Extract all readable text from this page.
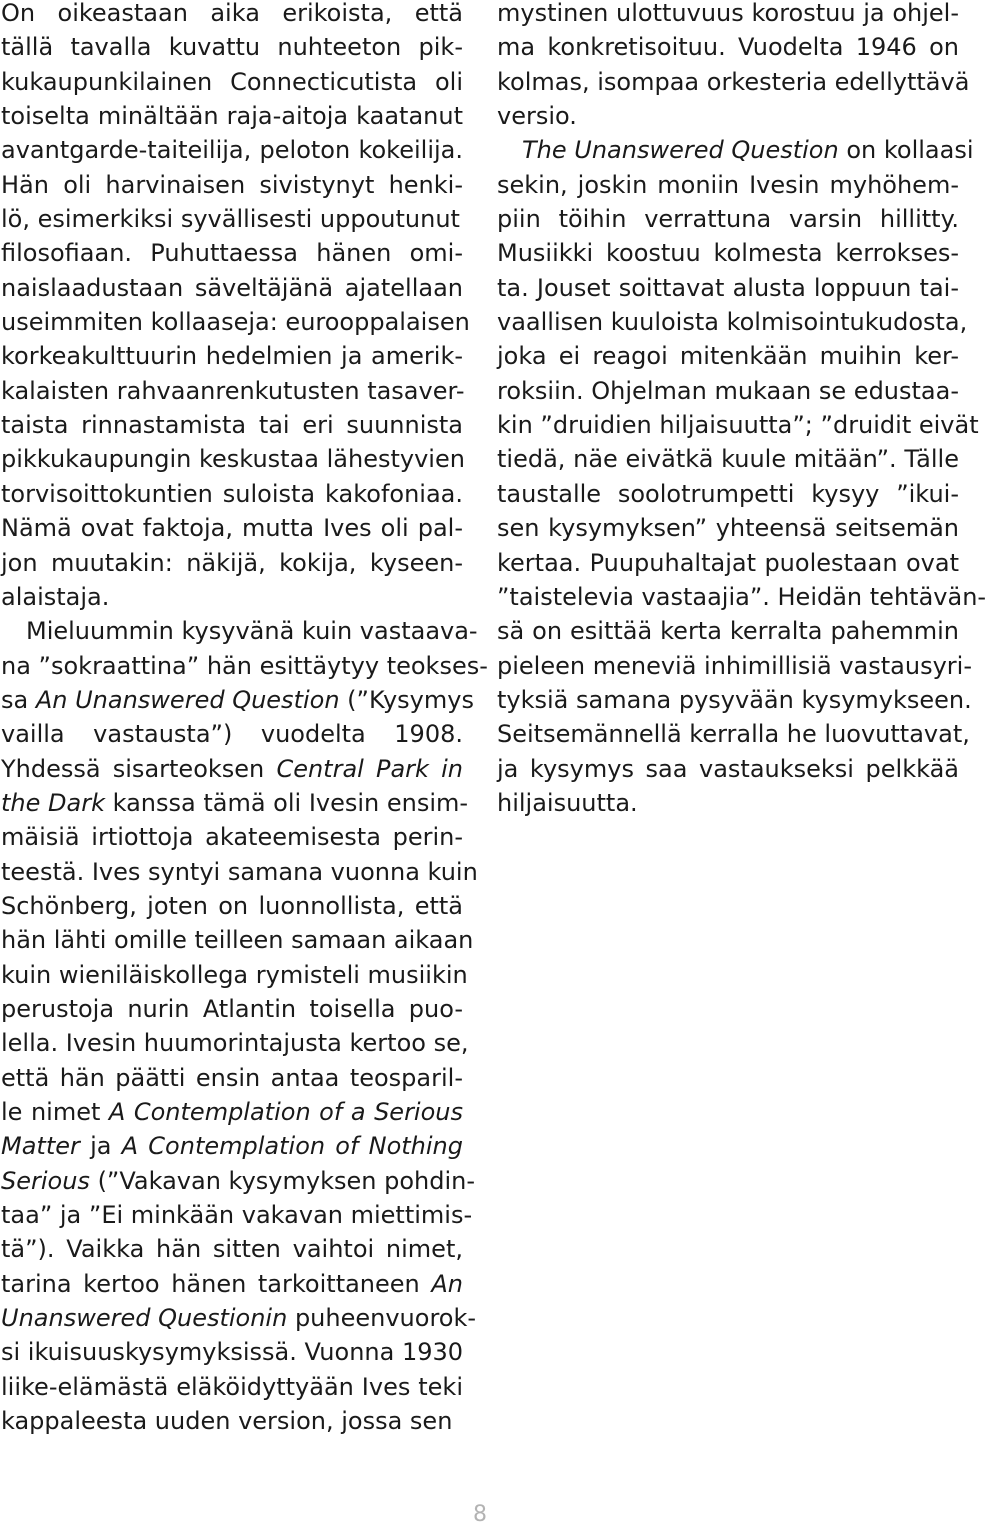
On oikeastaan aika erikoista, että
tällä tavalla kuvattu nuhteeton pik-
kukaupunkilainen Connecticutista oli
toiselta minältään raja-aitoja kaatanut
avantgarde-taiteilija, peloton kokeilija.
Hän oli harvinaisen sivistynyt henki-
lö, esimerkiksi syvällisesti uppoutunut
filosofiaan. Puhuttaessa hänen omi-
naislaadustaan säveltäjänä ajatellaan
useimmiten kollaaseja: eurooppalaisen
korkeakulttuurin hedelmien ja amerik-
kalaisten rahvaanrenkutusten tasaver-
taista rinnastamista tai eri suunnista
pikkukaupungin keskustaa lähestyvien
torvisoittokuntien suloista kakofoniaa.
Nämä ovat faktoja, mutta Ives oli pal-
jon muutakin: näkijä, kokija, kyseen-
alaistaja.
Mieluummin kysyvänä kuin vastaava-
na ”sokraattina” hän esittäytyy teokses-
sa An Unanswered Question (”Kysymys
vailla vastausta”) vuodelta 1908.
Yhdessä sisarteoksen Central Park in
the Dark kanssa tämä oli Ivesin ensim-
mäisiä irtiottoja akateemisesta perin-
teestä. Ives syntyi samana vuonna kuin
Schönberg, joten on luonnollista, että
hän lähti omille teilleen samaan aikaan
kuin wieniläiskollega rymisteli musiikin
perustoja nurin Atlantin toisella puo-
lella. Ivesin huumorintajusta kertoo se,
että hän päätti ensin antaa teosparil-
le nimet A Contemplation of a Serious
Matter ja A Contemplation of Nothing
Serious (”Vakavan kysymyksen pohdin-
taa” ja ”Ei minkään vakavan miettimis-
tä”). Vaikka hän sitten vaihtoi nimet,
tarina kertoo hänen tarkoittaneen An
Unanswered Questionin puheenvuorok-
si ikuisuuskysymyksissä. Vuonna 1930
liike-elämästä eläköidyttyään Ives teki
kappaleesta uuden version, jossa sen
mystinen ulottuvuus korostuu ja ohjel-
ma konkretisoituu. Vuodelta 1946 on
kolmas, isompaa orkesteria edellyttävä
versio.
The Unanswered Question on kollaasi
sekin, joskin moniin Ivesin myhöhem-
piin töihin verrattuna varsin hillitty.
Musiikki koostuu kolmesta kerrokses-
ta. Jouset soittavat alusta loppuun tai-
vaallisen kuuloista kolmisointukudosta,
joka ei reagoi mitenkään muihin ker-
roksiin. Ohjelman mukaan se edustaa-
kin ”druidien hiljaisuutta”; ”druidit eivät
tiedä, näe eivätkä kuule mitään”. Tälle
taustalle soolotrumpetti kysyy ”ikui-
sen kysymyksen” yhteensä seitsemän
kertaa. Puupuhaltajat puolestaan ovat
”taistelevia vastaajia”. Heidän tehtävän-
sä on esittää kerta kerralta pahemmin
pieleen meneviä inhimillisiä vastausyri-
tyksiä samana pysyvään kysymykseen.
Seitsemännellä kerralla he luovuttavat,
ja kysymys saa vastaukseksi pelkkää
hiljaisuutta.
8
